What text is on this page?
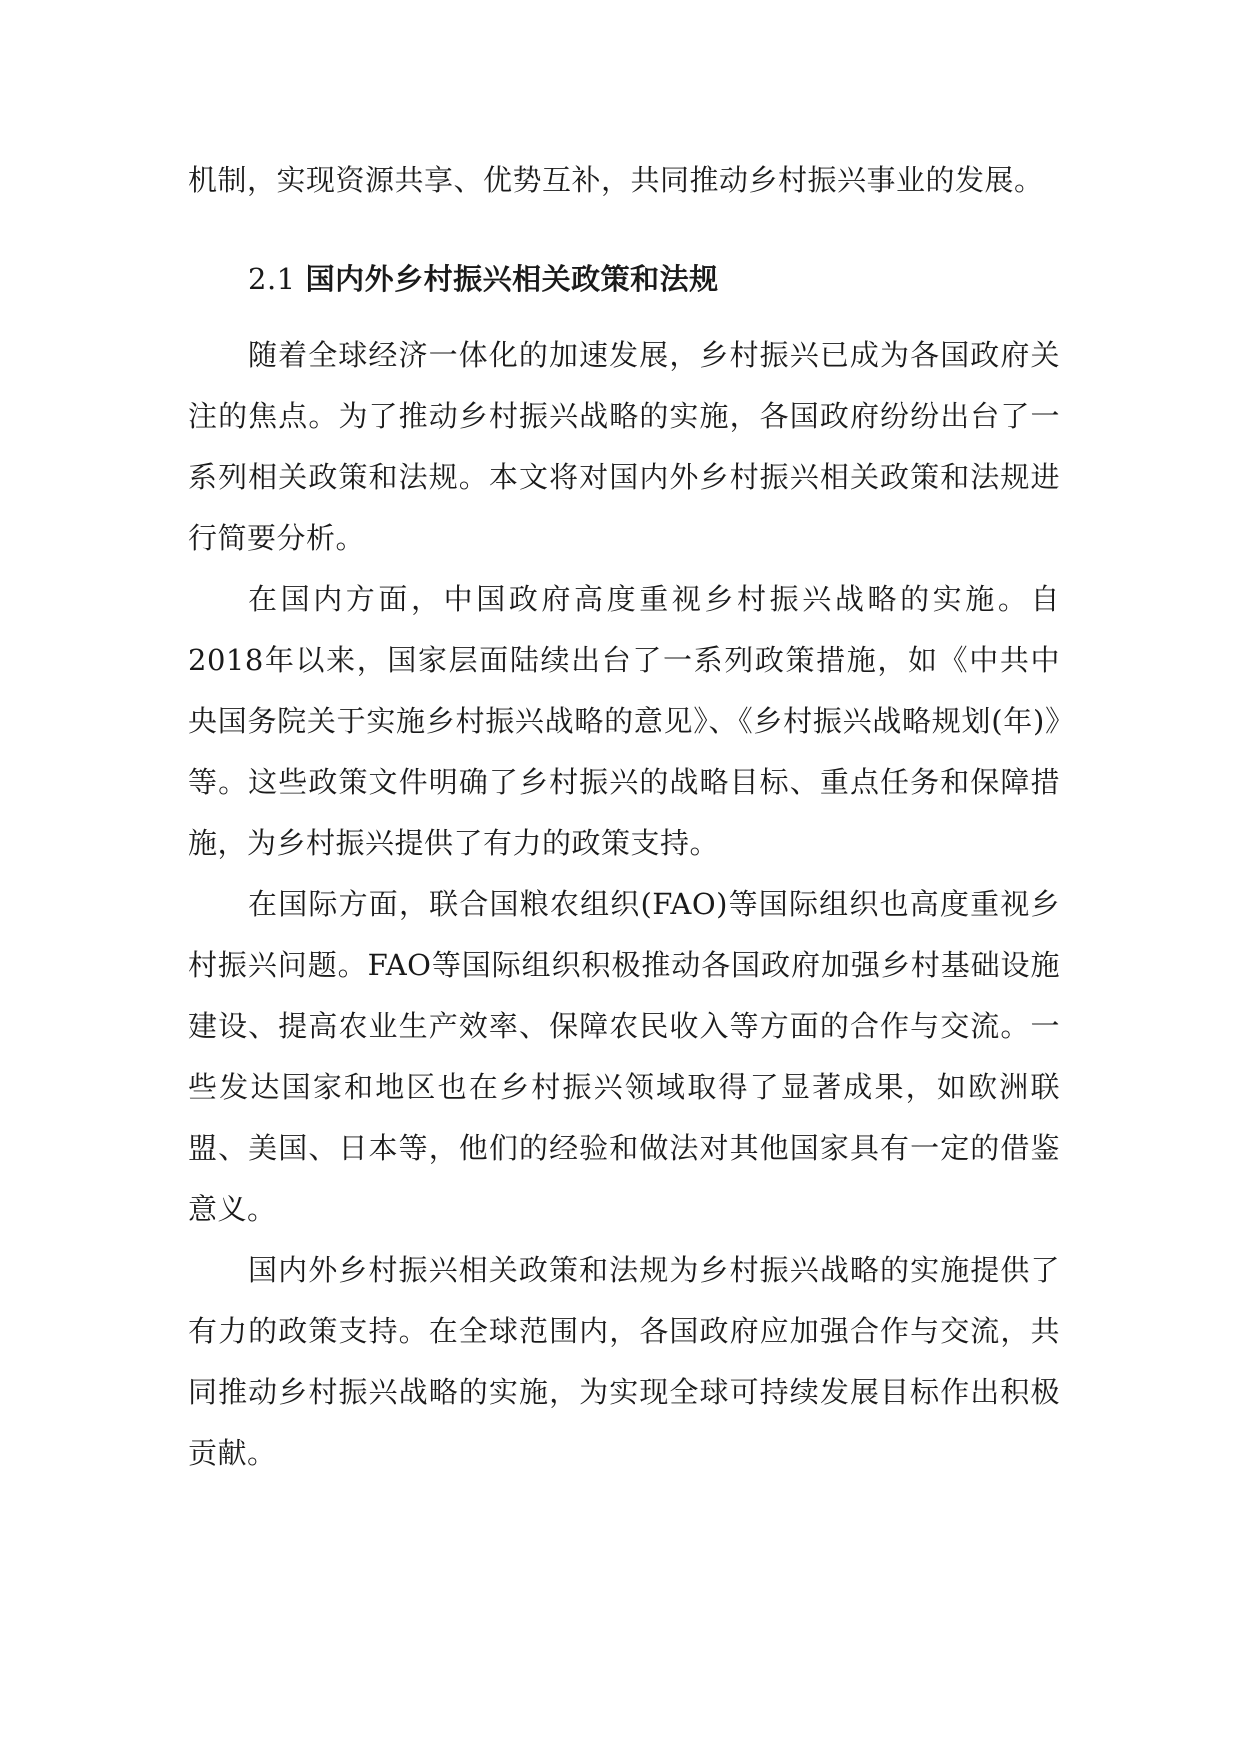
机制，实现资源共享、优势互补，共同推动乡村振兴事业的发展。

2.1 国内外乡村振兴相关政策和法规

随着全球经济一体化的加速发展，乡村振兴已成为各国政府关注的焦点。为了推动乡村振兴战略的实施，各国政府纷纷出台了一系列相关政策和法规。本文将对国内外乡村振兴相关政策和法规进行简要分析。

在国内方面，中国政府高度重视乡村振兴战略的实施。自2018年以来，国家层面陆续出台了一系列政策措施，如《中共中央国务院关于实施乡村振兴战略的意见》、《乡村振兴战略规划(年)》等。这些政策文件明确了乡村振兴的战略目标、重点任务和保障措施，为乡村振兴提供了有力的政策支持。

在国际方面，联合国粮农组织(FAO)等国际组织也高度重视乡村振兴问题。FAO等国际组织积极推动各国政府加强乡村基础设施建设、提高农业生产效率、保障农民收入等方面的合作与交流。一些发达国家和地区也在乡村振兴领域取得了显著成果，如欧洲联盟、美国、日本等，他们的经验和做法对其他国家具有一定的借鉴意义。

国内外乡村振兴相关政策和法规为乡村振兴战略的实施提供了有力的政策支持。在全球范围内，各国政府应加强合作与交流，共同推动乡村振兴战略的实施，为实现全球可持续发展目标作出积极贡献。
